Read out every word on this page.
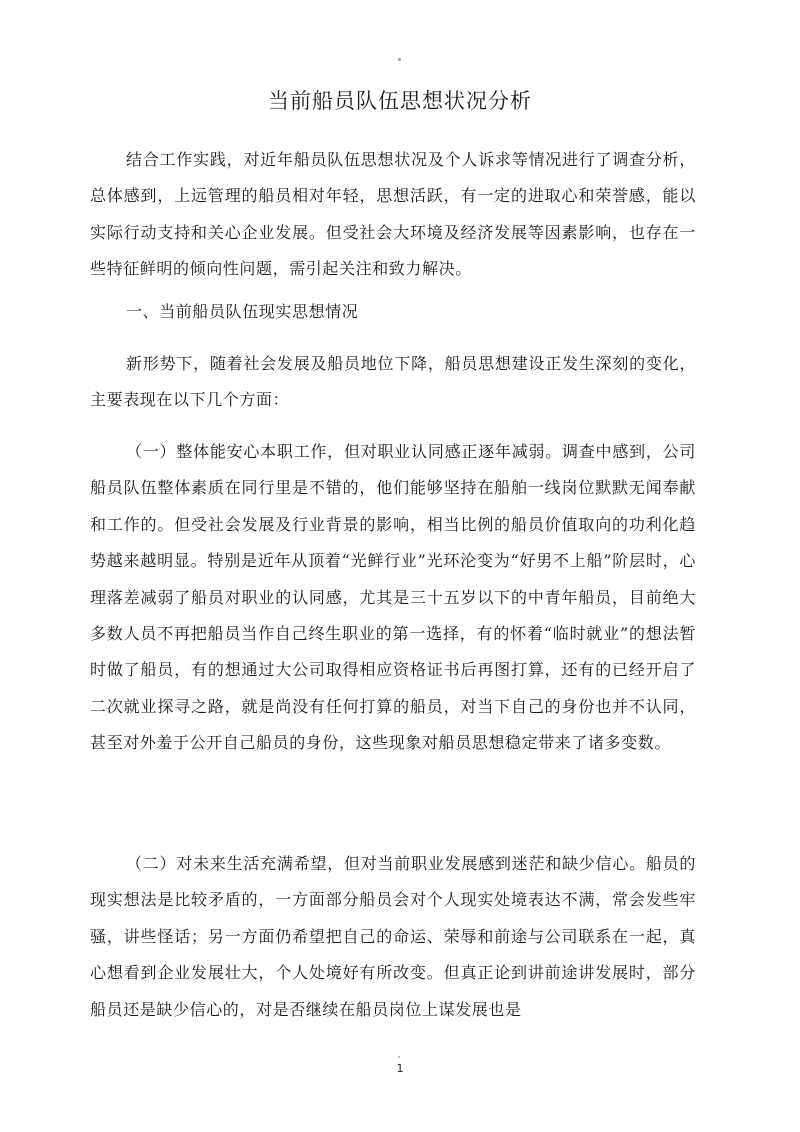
当前船员队伍思想状况分析

结合工作实践，对近年船员队伍思想状况及个人诉求等情况进行了调查分析，总体感到，上远管理的船员相对年轻，思想活跃，有一定的进取心和荣誉感，能以实际行动支持和关心企业发展。但受社会大环境及经济发展等因素影响，也存在一些特征鲜明的倾向性问题，需引起关注和致力解决。

一、当前船员队伍现实思想情况

新形势下，随着社会发展及船员地位下降，船员思想建设正发生深刻的变化，主要表现在以下几个方面：

（一）整体能安心本职工作，但对职业认同感正逐年减弱。调查中感到，公司船员队伍整体素质在同行里是不错的，他们能够坚持在船舶一线岗位默默无闻奉献和工作的。但受社会发展及行业背景的影响，相当比例的船员价值取向的功利化趋势越来越明显。特别是近年从顶着“光鲜行业”光环沦变为“好男不上船”阶层时，心理落差减弱了船员对职业的认同感，尤其是三十五岁以下的中青年船员，目前绝大多数人员不再把船员当作自己终生职业的第一选择，有的怀着“临时就业”的想法暂时做了船员，有的想通过大公司取得相应资格证书后再图打算，还有的已经开启了二次就业探寻之路，就是尚没有任何打算的船员，对当下自己的身份也并不认同，甚至对外羞于公开自己船员的身份，这些现象对船员思想稳定带来了诸多变数。

（二）对未来生活充满希望，但对当前职业发展感到迷茫和缺少信心。船员的现实想法是比较矛盾的，一方面部分船员会对个人现实处境表达不满，常会发些牢骚，讲些怪话；另一方面仍希望把自己的命运、荣辱和前途与公司联系在一起，真心想看到企业发展壮大，个人处境好有所改变。但真正论到讲前途讲发展时，部分船员还是缺少信心的，对是否继续在船员岗位上谋发展也是

1
